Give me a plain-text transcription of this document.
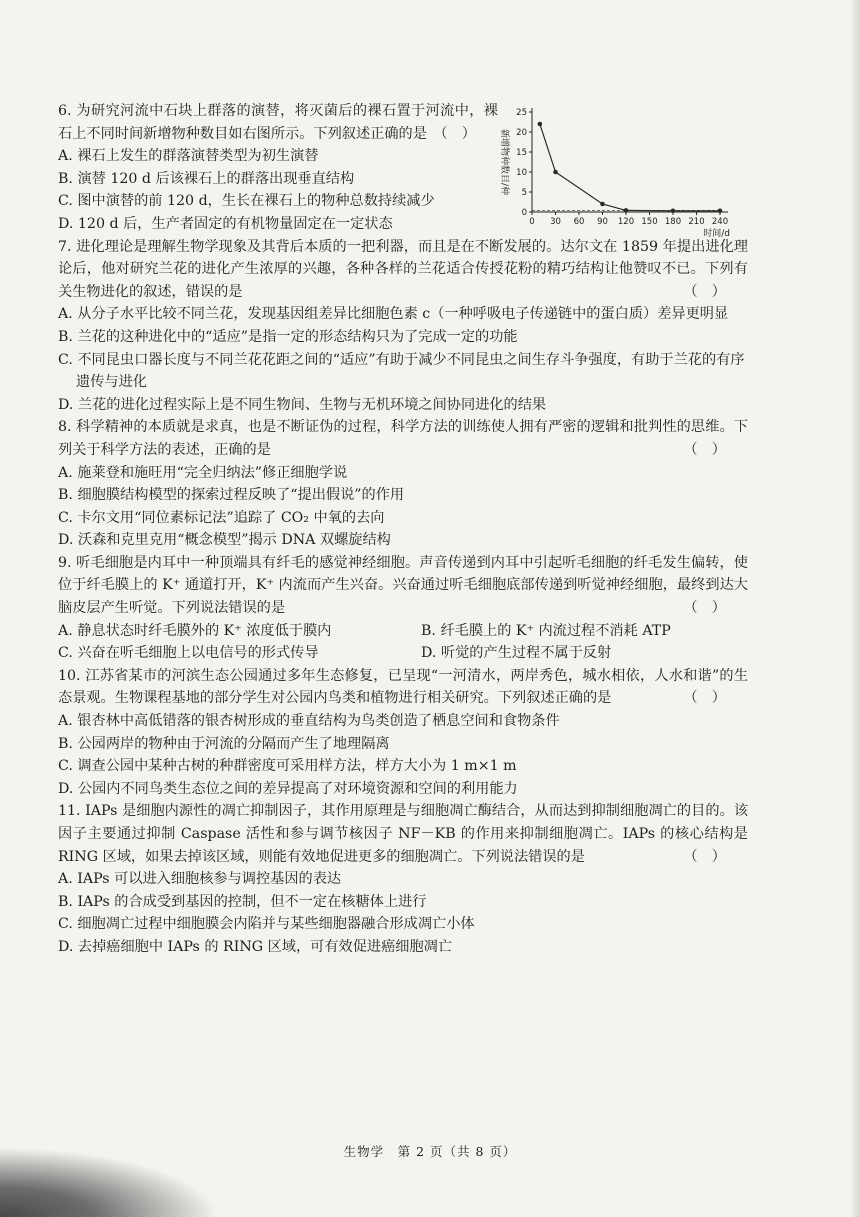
6. 为研究河流中石块上群落的演替，将灭菌后的裸石置于河流中，裸石上不同时间新增物种数目如右图所示。下列叙述正确的是 （　）

A. 裸石上发生的群落演替类型为初生演替

B. 演替 120 d 后该裸石上的群落出现垂直结构

C. 图中演替的前 120 d，生长在裸石上的物种总数持续减少

D. 120 d 后，生产者固定的有机物量固定在一定状态

7. 进化理论是理解生物学现象及其背后本质的一把利器，而且是在不断发展的。达尔文在 1859 年提出进化理论后，他对研究兰花的进化产生浓厚的兴趣，各种各样的兰花适合传授花粉的精巧结构让他赞叹不已。下列有关生物进化的叙述，错误的是	（　）

A. 从分子水平比较不同兰花，发现基因组差异比细胞色素 c（一种呼吸电子传递链中的蛋白质）差异更明显

B. 兰花的这种进化中的“适应”是指一定的形态结构只为了完成一定的功能

C. 不同昆虫口器长度与不同兰花花距之间的“适应”有助于减少不同昆虫之间生存斗争强度，有助于兰花的有序遗传与进化

D. 兰花的进化过程实际上是不同生物间、生物与无机环境之间协同进化的结果

8. 科学精神的本质就是求真，也是不断证伪的过程，科学方法的训练使人拥有严密的逻辑和批判性的思维。下列关于科学方法的表述，正确的是	（　）

A. 施莱登和施旺用“完全归纳法”修正细胞学说

B. 细胞膜结构模型的探索过程反映了“提出假说”的作用

C. 卡尔文用“同位素标记法”追踪了 CO₂ 中氧的去向

D. 沃森和克里克用“概念模型”揭示 DNA 双螺旋结构

9. 听毛细胞是内耳中一种顶端具有纤毛的感觉神经细胞。声音传递到内耳中引起听毛细胞的纤毛发生偏转，使位于纤毛膜上的 K⁺ 通道打开，K⁺ 内流而产生兴奋。兴奋通过听毛细胞底部传递到听觉神经细胞，最终到达大脑皮层产生听觉。下列说法错误的是	（　）

A. 静息状态时纤毛膜外的 K⁺ 浓度低于膜内	B. 纤毛膜上的 K⁺ 内流过程不消耗 ATP

C. 兴奋在听毛细胞上以电信号的形式传导	D. 听觉的产生过程不属于反射

10. 江苏省某市的河滨生态公园通过多年生态修复，已呈现“一河清水，两岸秀色，城水相依，人水和谐”的生态景观。生物课程基地的部分学生对公园内鸟类和植物进行相关研究。下列叙述正确的是	（　）

A. 银杏林中高低错落的银杏树形成的垂直结构为鸟类创造了栖息空间和食物条件

B. 公园两岸的物种由于河流的分隔而产生了地理隔离

C. 调查公园中某种古树的种群密度可采用样方法，样方大小为 1 m×1 m

D. 公园内不同鸟类生态位之间的差异提高了对环境资源和空间的利用能力

11. IAPs 是细胞内源性的凋亡抑制因子，其作用原理是与细胞凋亡酶结合，从而达到抑制细胞凋亡的目的。该因子主要通过抑制 Caspase 活性和参与调节核因子 NF－KB 的作用来抑制细胞凋亡。IAPs 的核心结构是 RING 区域，如果去掉该区域，则能有效地促进更多的细胞凋亡。下列说法错误的是	（　）

A. IAPs 可以进入细胞核参与调控基因的表达

B. IAPs 的合成受到基因的控制，但不一定在核糖体上进行

C. 细胞凋亡过程中细胞膜会内陷并与某些细胞器融合形成凋亡小体

D. 去掉癌细胞中 IAPs 的 RING 区域，可有效促进癌细胞凋亡

0 30 60 90 120 150 180 210 240
0
5
10
15
20
25
时间/d
新增物种数目/种
生物学　第 2 页（共 8 页）
